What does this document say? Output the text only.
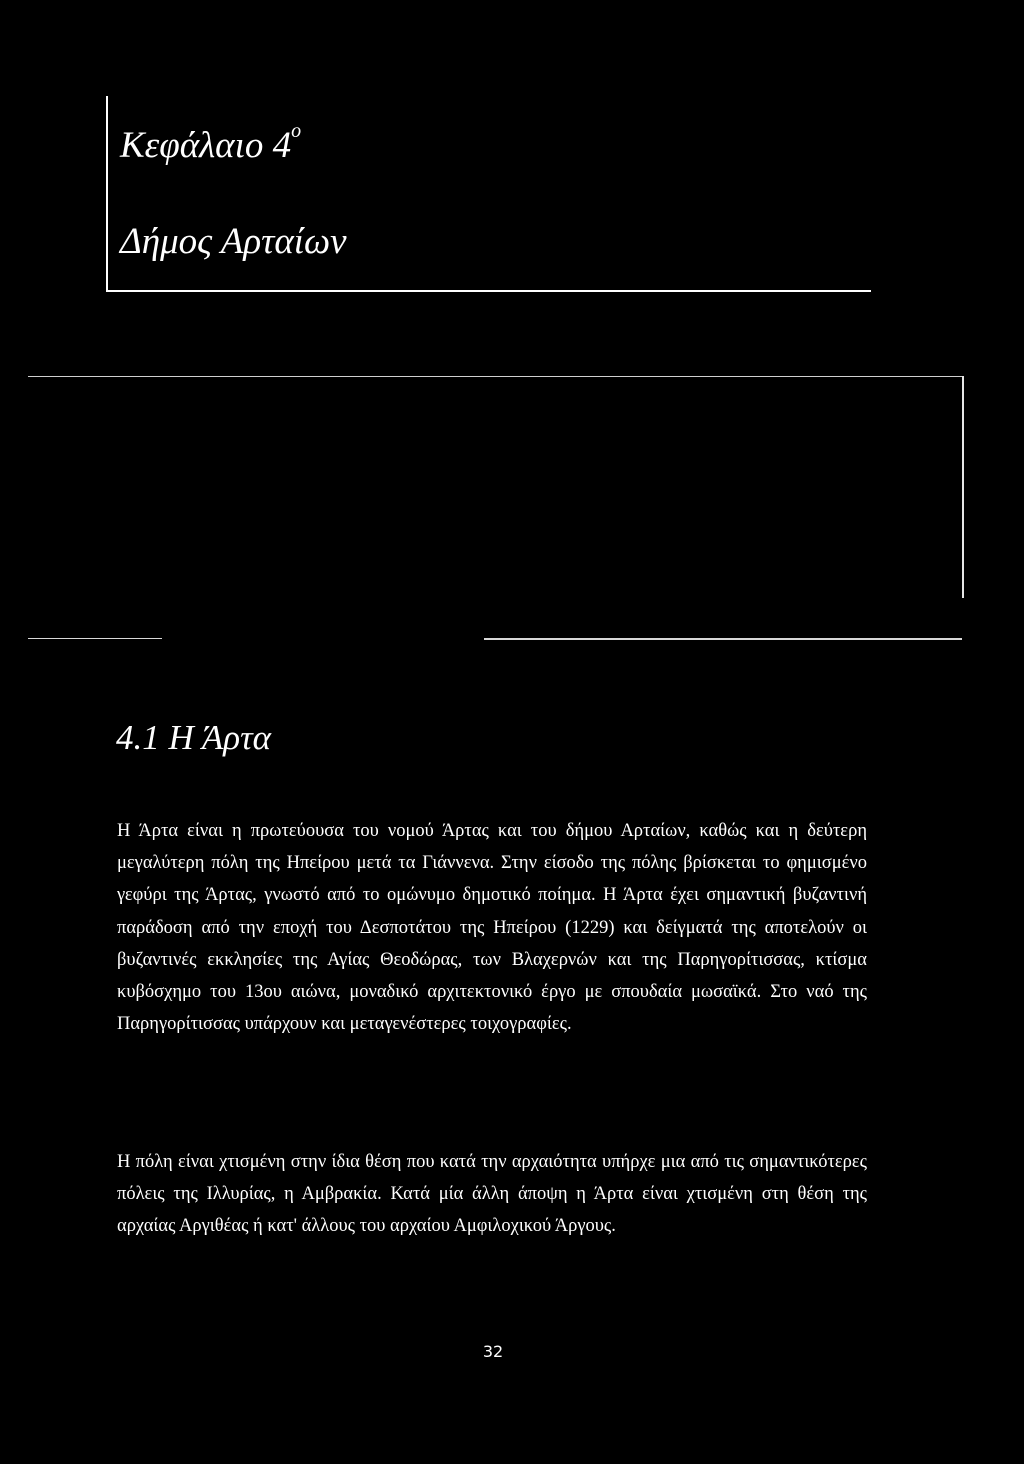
Κεφάλαιο $4^o$
Δήμος Αρταίων
4.1 Η Άρτα

Η Άρτα είναι η πρωτεύουσα του νομού Άρτας και του δήμου Αρταίων, καθώς και η δεύτερη μεγαλύτερη πόλη της Ηπείρου μετά τα Γιάννενα. Στην είσοδο της πόλης βρίσκεται το φημισμένο γεφύρι της Άρτας, γνωστό από το ομώνυμο δημοτικό ποίημα. Η Άρτα έχει σημαντική βυζαντινή παράδοση από την εποχή του Δεσποτάτου της Ηπείρου (1229) και δείγματά της αποτελούν οι βυζαντινές εκκλησίες της Αγίας Θεοδώρας, των Βλαχερνών και της Παρηγορίτισσας, κτίσμα κυβόσχημο του 13ου αιώνα, μοναδικό αρχιτεκτονικό έργο με σπουδαία μωσαϊκά. Στο ναό της Παρηγορίτισσας υπάρχουν και μεταγενέστερες τοιχογραφίες.

Η πόλη είναι χτισμένη στην ίδια θέση που κατά την αρχαιότητα υπήρχε μια από τις σημαντικότερες πόλεις της Ιλλυρίας, η Αμβρακία. Κατά μία άλλη άποψη η Άρτα είναι χτισμένη στη θέση της αρχαίας Αργιθέας ή κατ' άλλους του αρχαίου Αμφιλοχικού Άργους.

32
